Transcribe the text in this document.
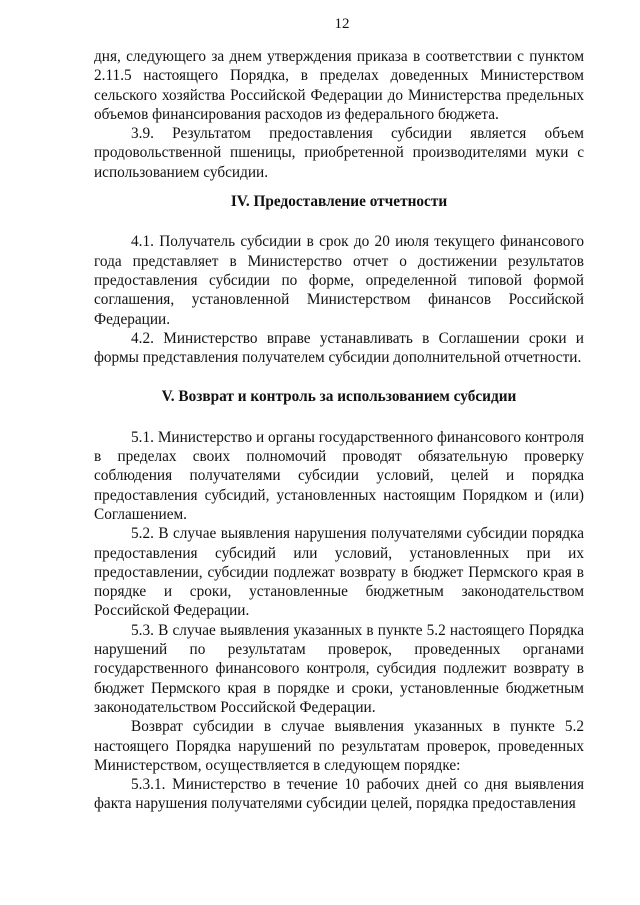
12

дня, следующего за днем утверждения приказа в соответствии с пунктом 2.11.5 настоящего Порядка, в пределах доведенных Министерством сельского хозяйства Российской Федерации до Министерства предельных объемов финансирования расходов из федерального бюджета.

3.9. Результатом предоставления субсидии является объем продовольственной пшеницы, приобретенной производителями муки с использованием субсидии.

IV. Предоставление отчетности

4.1. Получатель субсидии в срок до 20 июля текущего финансового года представляет в Министерство отчет о достижении результатов предоставления субсидии по форме, определенной типовой формой соглашения, установленной Министерством финансов Российской Федерации.

4.2. Министерство вправе устанавливать в Соглашении сроки и формы представления получателем субсидии дополнительной отчетности.

V. Возврат и контроль за использованием субсидии

5.1. Министерство и органы государственного финансового контроля в пределах своих полномочий проводят обязательную проверку соблюдения получателями субсидии условий, целей и порядка предоставления субсидий, установленных настоящим Порядком и (или) Соглашением.

5.2. В случае выявления нарушения получателями субсидии порядка предоставления субсидий или условий, установленных при их предоставлении, субсидии подлежат возврату в бюджет Пермского края в порядке и сроки, установленные бюджетным законодательством Российской Федерации.

5.3. В случае выявления указанных в пункте 5.2 настоящего Порядка нарушений по результатам проверок, проведенных органами государственного финансового контроля, субсидия подлежит возврату в бюджет Пермского края в порядке и сроки, установленные бюджетным законодательством Российской Федерации.

Возврат субсидии в случае выявления указанных в пункте 5.2 настоящего Порядка нарушений по результатам проверок, проведенных Министерством, осуществляется в следующем порядке:

5.3.1. Министерство в течение 10 рабочих дней со дня выявления факта нарушения получателями субсидии целей, порядка предоставления
